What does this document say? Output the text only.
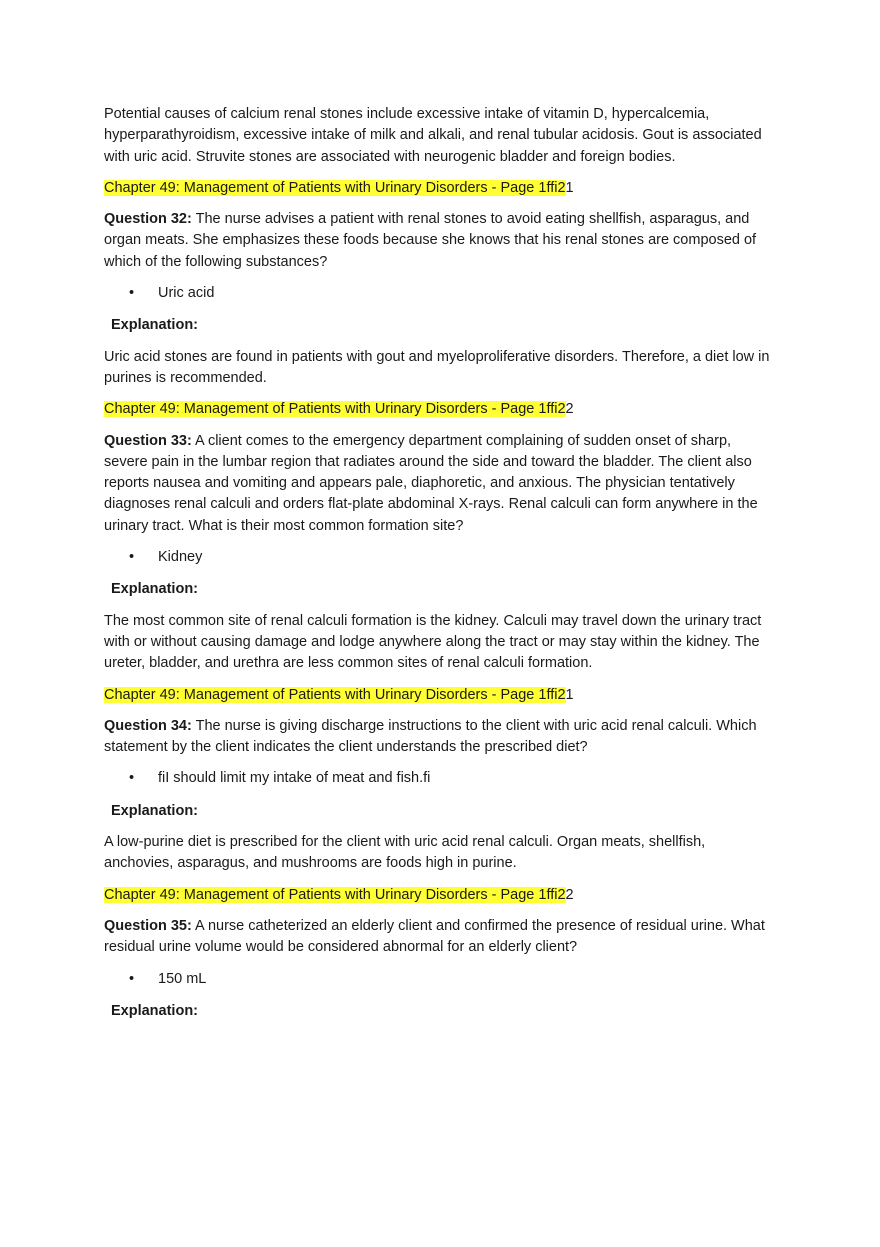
Potential causes of calcium renal stones include excessive intake of vitamin D, hypercalcemia, hyperparathyroidism, excessive intake of milk and alkali, and renal tubular acidosis. Gout is associated with uric acid. Struvite stones are associated with neurogenic bladder and foreign bodies.

Chapter 49: Management of Patients with Urinary Disorders - Page 1ffi21

Question 32: The nurse advises a patient with renal stones to avoid eating shellfish, asparagus, and organ meats. She emphasizes these foods because she knows that his renal stones are composed of which of the following substances?

• Uric acid

Explanation:

Uric acid stones are found in patients with gout and myeloproliferative disorders. Therefore, a diet low in purines is recommended.

Chapter 49: Management of Patients with Urinary Disorders - Page 1ffi22

Question 33: A client comes to the emergency department complaining of sudden onset of sharp, severe pain in the lumbar region that radiates around the side and toward the bladder. The client also reports nausea and vomiting and appears pale, diaphoretic, and anxious. The physician tentatively diagnoses renal calculi and orders flat-plate abdominal X-rays. Renal calculi can form anywhere in the urinary tract. What is their most common formation site?

• Kidney

Explanation:

The most common site of renal calculi formation is the kidney. Calculi may travel down the urinary tract with or without causing damage and lodge anywhere along the tract or may stay within the kidney. The ureter, bladder, and urethra are less common sites of renal calculi formation.

Chapter 49: Management of Patients with Urinary Disorders - Page 1ffi21

Question 34: The nurse is giving discharge instructions to the client with uric acid renal calculi. Which statement by the client indicates the client understands the prescribed diet?

• fiI should limit my intake of meat and fish.fi

Explanation:

A low-purine diet is prescribed for the client with uric acid renal calculi. Organ meats, shellfish, anchovies, asparagus, and mushrooms are foods high in purine.

Chapter 49: Management of Patients with Urinary Disorders - Page 1ffi22

Question 35: A nurse catheterized an elderly client and confirmed the presence of residual urine. What residual urine volume would be considered abnormal for an elderly client?

• 150 mL

Explanation:
